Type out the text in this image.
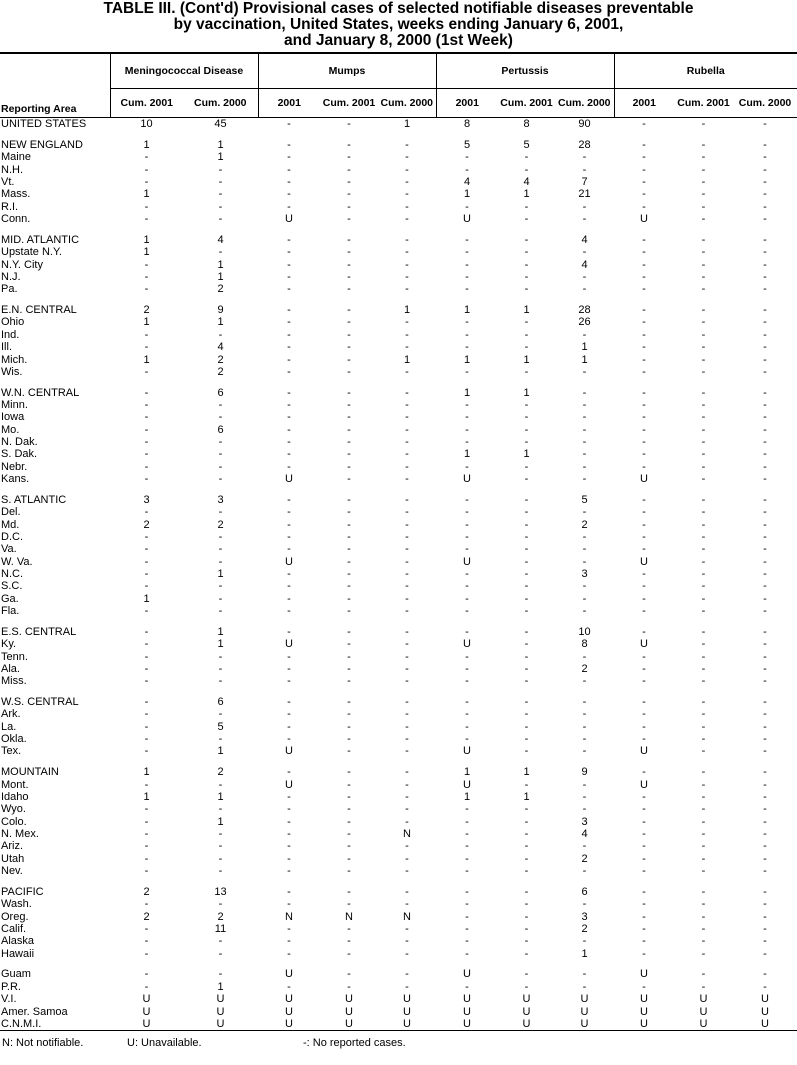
TABLE III. (Cont'd) Provisional cases of selected notifiable diseases preventable
by vaccination, United States, weeks ending January 6, 2001,
and January 8, 2000 (1st Week)
Reporting Area	Meningococcal Disease		Mumps			Pertussis			Rubella		
	Cum. 2001	Cum. 2000	2001	Cum. 2001	Cum. 2000	2001	Cum. 2001	Cum. 2000	2001	Cum. 2001	Cum. 2000
UNITED STATES	10	45	-	-	1	8	8	90	-	-	-

NEW ENGLAND	1	1	-	-	-	5	5	28	-	-	-
Maine	-	1	-	-	-	-	-	-	-	-	-
N.H.	-	-	-	-	-	-	-	-	-	-	-
Vt.	-	-	-	-	-	4	4	7	-	-	-
Mass.	1	-	-	-	-	1	1	21	-	-	-
R.I.	-	-	-	-	-	-	-	-	-	-	-
Conn.	-	-	U	-	-	U	-	-	U	-	-

MID. ATLANTIC	1	4	-	-	-	-	-	4	-	-	-
Upstate N.Y.	1	-	-	-	-	-	-	-	-	-	-
N.Y. City	-	1	-	-	-	-	-	4	-	-	-
N.J.	-	1	-	-	-	-	-	-	-	-	-
Pa.	-	2	-	-	-	-	-	-	-	-	-

E.N. CENTRAL	2	9	-	-	1	1	1	28	-	-	-
Ohio	1	1	-	-	-	-	-	26	-	-	-
Ind.	-	-	-	-	-	-	-	-	-	-	-
Ill.	-	4	-	-	-	-	-	1	-	-	-
Mich.	1	2	-	-	1	1	1	1	-	-	-
Wis.	-	2	-	-	-	-	-	-	-	-	-

W.N. CENTRAL	-	6	-	-	-	1	1	-	-	-	-
Minn.	-	-	-	-	-	-	-	-	-	-	-
Iowa	-	-	-	-	-	-	-	-	-	-	-
Mo.	-	6	-	-	-	-	-	-	-	-	-
N. Dak.	-	-	-	-	-	-	-	-	-	-	-
S. Dak.	-	-	-	-	-	1	1	-	-	-	-
Nebr.	-	-	-	-	-	-	-	-	-	-	-
Kans.	-	-	U	-	-	U	-	-	U	-	-

S. ATLANTIC	3	3	-	-	-	-	-	5	-	-	-
Del.	-	-	-	-	-	-	-	-	-	-	-
Md.	2	2	-	-	-	-	-	2	-	-	-
D.C.	-	-	-	-	-	-	-	-	-	-	-
Va.	-	-	-	-	-	-	-	-	-	-	-
W. Va.	-	-	U	-	-	U	-	-	U	-	-
N.C.	-	1	-	-	-	-	-	3	-	-	-
S.C.	-	-	-	-	-	-	-	-	-	-	-
Ga.	1	-	-	-	-	-	-	-	-	-	-
Fla.	-	-	-	-	-	-	-	-	-	-	-

E.S. CENTRAL	-	1	-	-	-	-	-	10	-	-	-
Ky.	-	1	U	-	-	U	-	8	U	-	-
Tenn.	-	-	-	-	-	-	-	-	-	-	-
Ala.	-	-	-	-	-	-	-	2	-	-	-
Miss.	-	-	-	-	-	-	-	-	-	-	-

W.S. CENTRAL	-	6	-	-	-	-	-	-	-	-	-
Ark.	-	-	-	-	-	-	-	-	-	-	-
La.	-	5	-	-	-	-	-	-	-	-	-
Okla.	-	-	-	-	-	-	-	-	-	-	-
Tex.	-	1	U	-	-	U	-	-	U	-	-

MOUNTAIN	1	2	-	-	-	1	1	9	-	-	-
Mont.	-	-	U	-	-	U	-	-	U	-	-
Idaho	1	1	-	-	-	1	1	-	-	-	-
Wyo.	-	-	-	-	-	-	-	-	-	-	-
Colo.	-	1	-	-	-	-	-	3	-	-	-
N. Mex.	-	-	-	-	N	-	-	4	-	-	-
Ariz.	-	-	-	-	-	-	-	-	-	-	-
Utah	-	-	-	-	-	-	-	2	-	-	-
Nev.	-	-	-	-	-	-	-	-	-	-	-

PACIFIC	2	13	-	-	-	-	-	6	-	-	-
Wash.	-	-	-	-	-	-	-	-	-	-	-
Oreg.	2	2	N	N	N	-	-	3	-	-	-
Calif.	-	11	-	-	-	-	-	2	-	-	-
Alaska	-	-	-	-	-	-	-	-	-	-	-
Hawaii	-	-	-	-	-	-	-	1	-	-	-

Guam	-	-	U	-	-	U	-	-	U	-	-
P.R.	-	1	-	-	-	-	-	-	-	-	-
V.I.	U	U	U	U	U	U	U	U	U	U	U
Amer. Samoa	U	U	U	U	U	U	U	U	U	U	U
C.N.M.I.	U	U	U	U	U	U	U	U	U	U	U
N: Not notifiable.	U: Unavailable.	-: No reported cases.
